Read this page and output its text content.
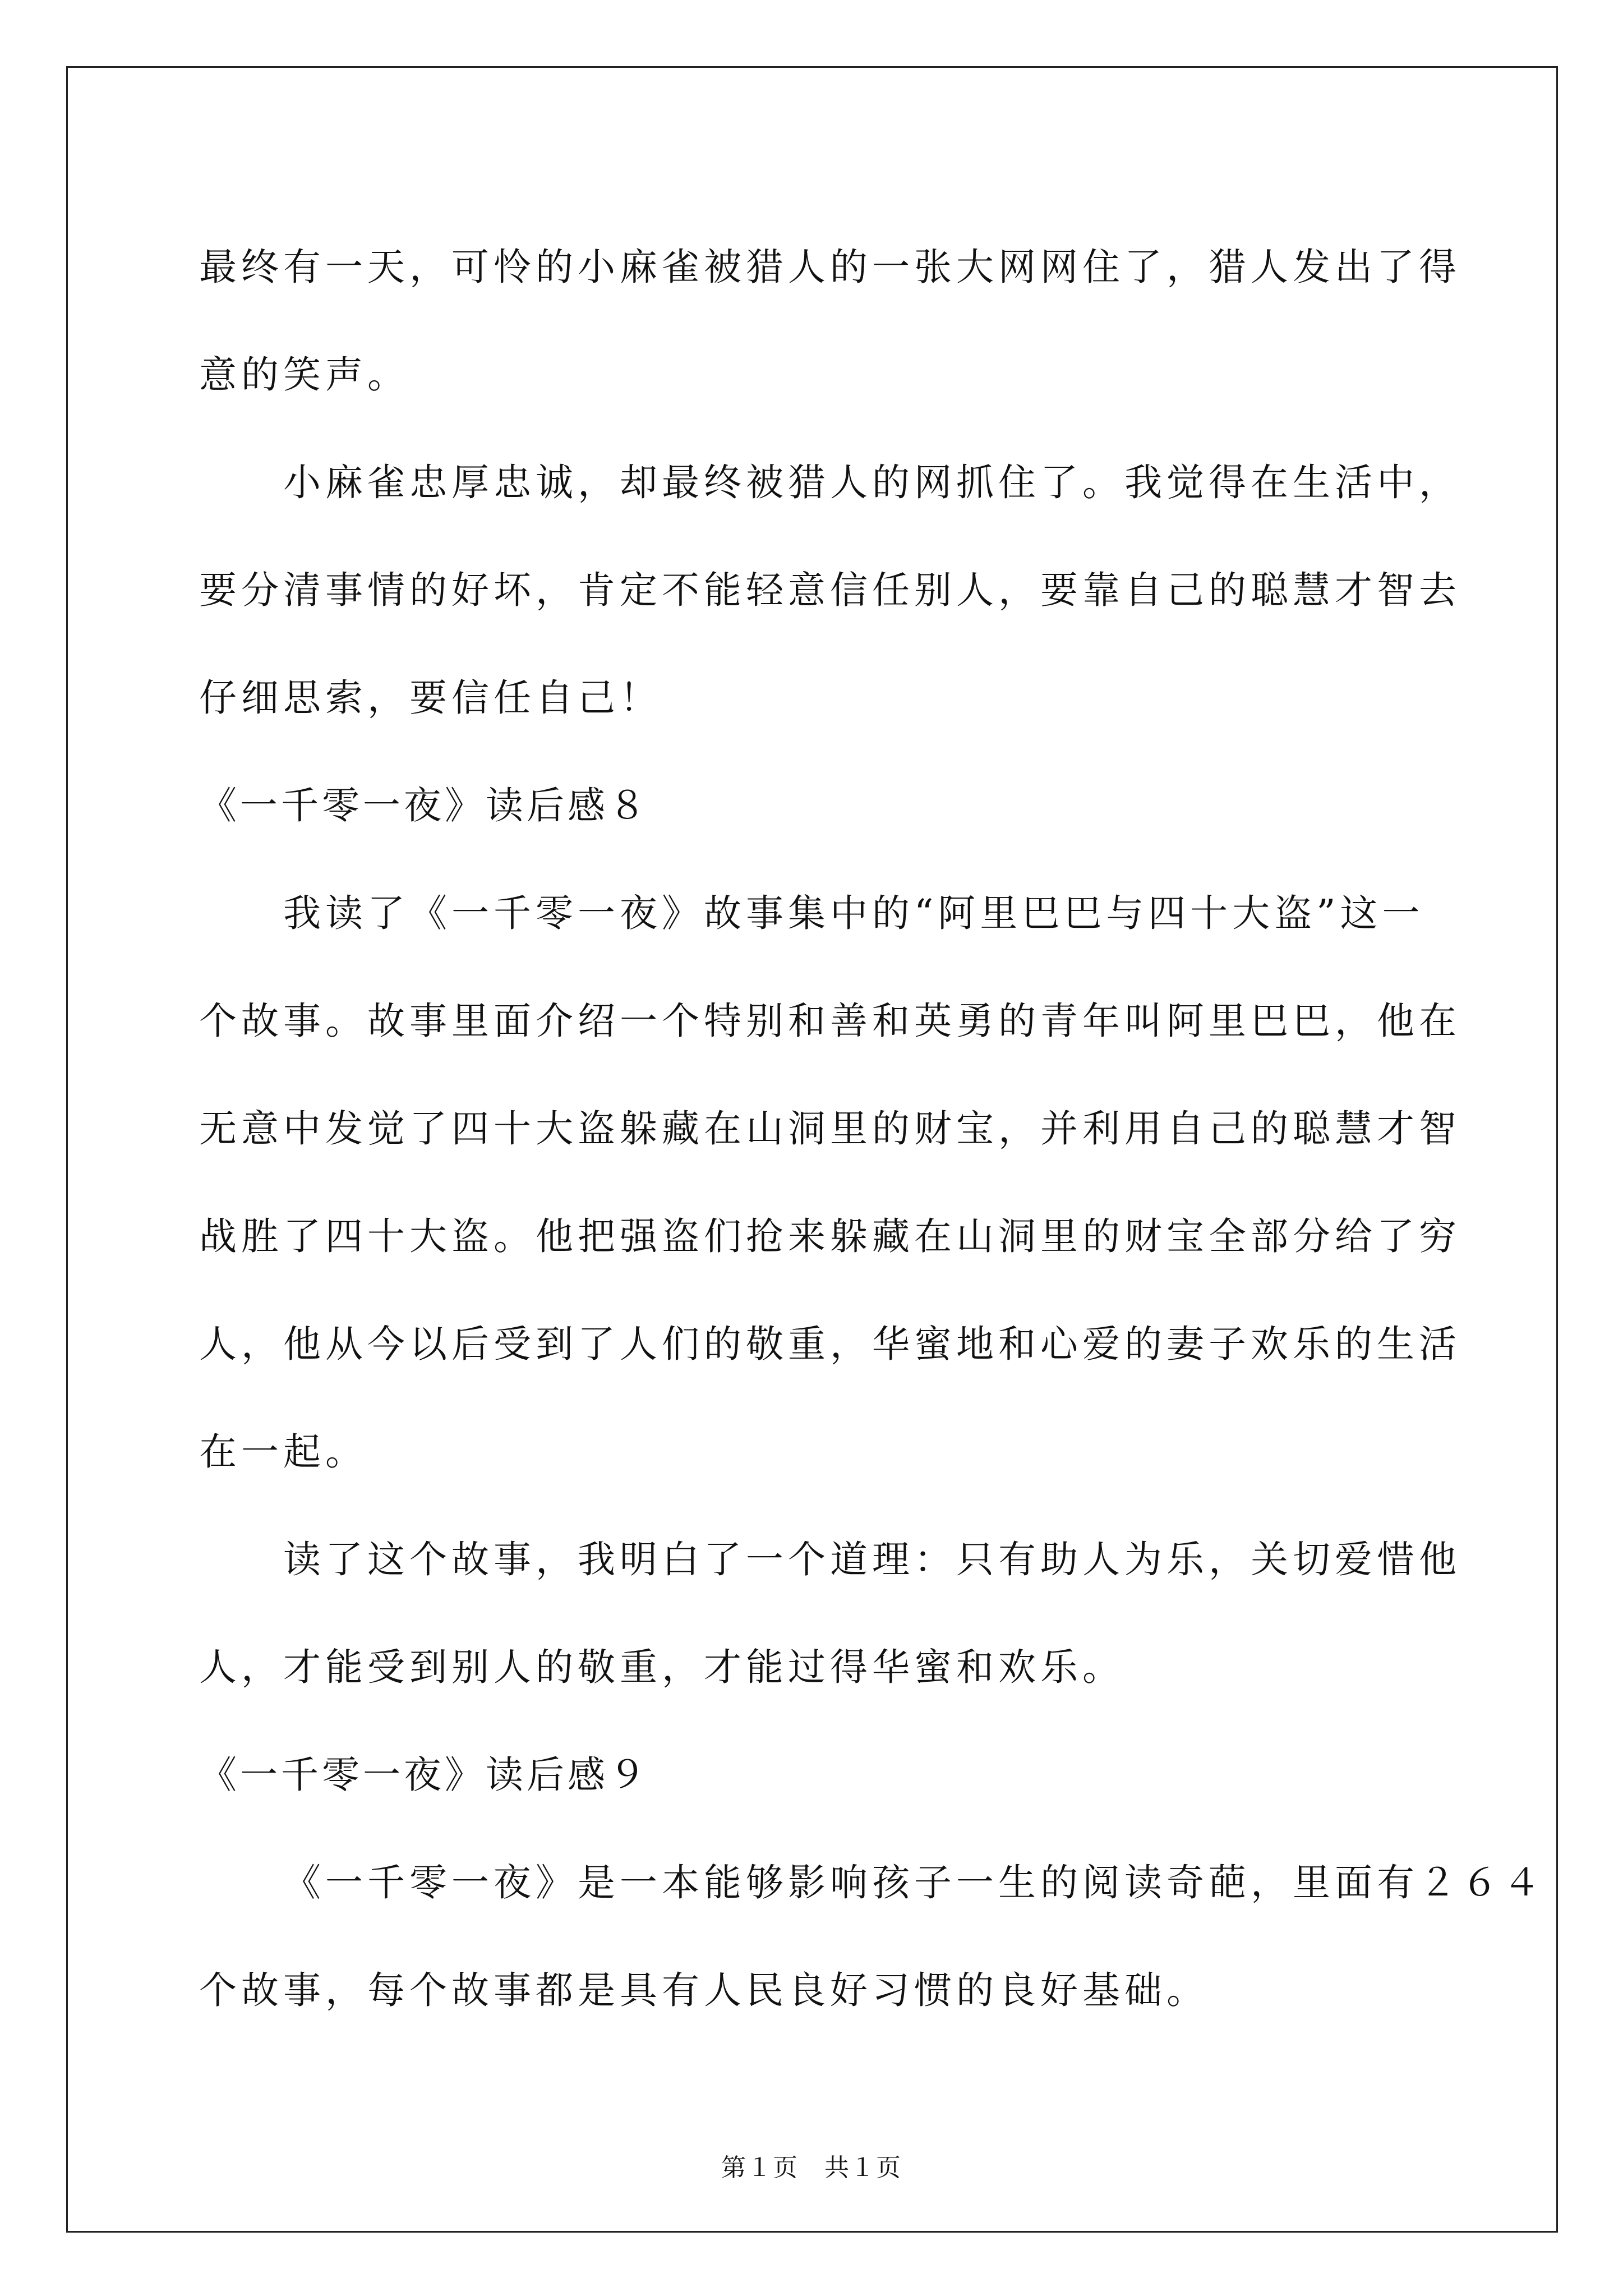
最终有一天，可怜的小麻雀被猎人的一张大网网住了，猎人发出了得
意的笑声。
小麻雀忠厚忠诚，却最终被猎人的网抓住了。我觉得在生活中，
要分清事情的好坏，肯定不能轻意信任别人，要靠自己的聪慧才智去
仔细思索，要信任自己！
《一千零一夜》读后感８
我读了《一千零一夜》故事集中的“阿里巴巴与四十大盗”这一
个故事。故事里面介绍一个特别和善和英勇的青年叫阿里巴巴，他在
无意中发觉了四十大盗躲藏在山洞里的财宝，并利用自己的聪慧才智
战胜了四十大盗。他把强盗们抢来躲藏在山洞里的财宝全部分给了穷
人，他从今以后受到了人们的敬重，华蜜地和心爱的妻子欢乐的生活
在一起。
读了这个故事，我明白了一个道理：只有助人为乐，关切爱惜他
人，才能受到别人的敬重，才能过得华蜜和欢乐。
《一千零一夜》读后感９
《一千零一夜》是一本能够影响孩子一生的阅读奇葩，里面有２６４
个故事，每个故事都是具有人民良好习惯的良好基础。
第１页　共１页
